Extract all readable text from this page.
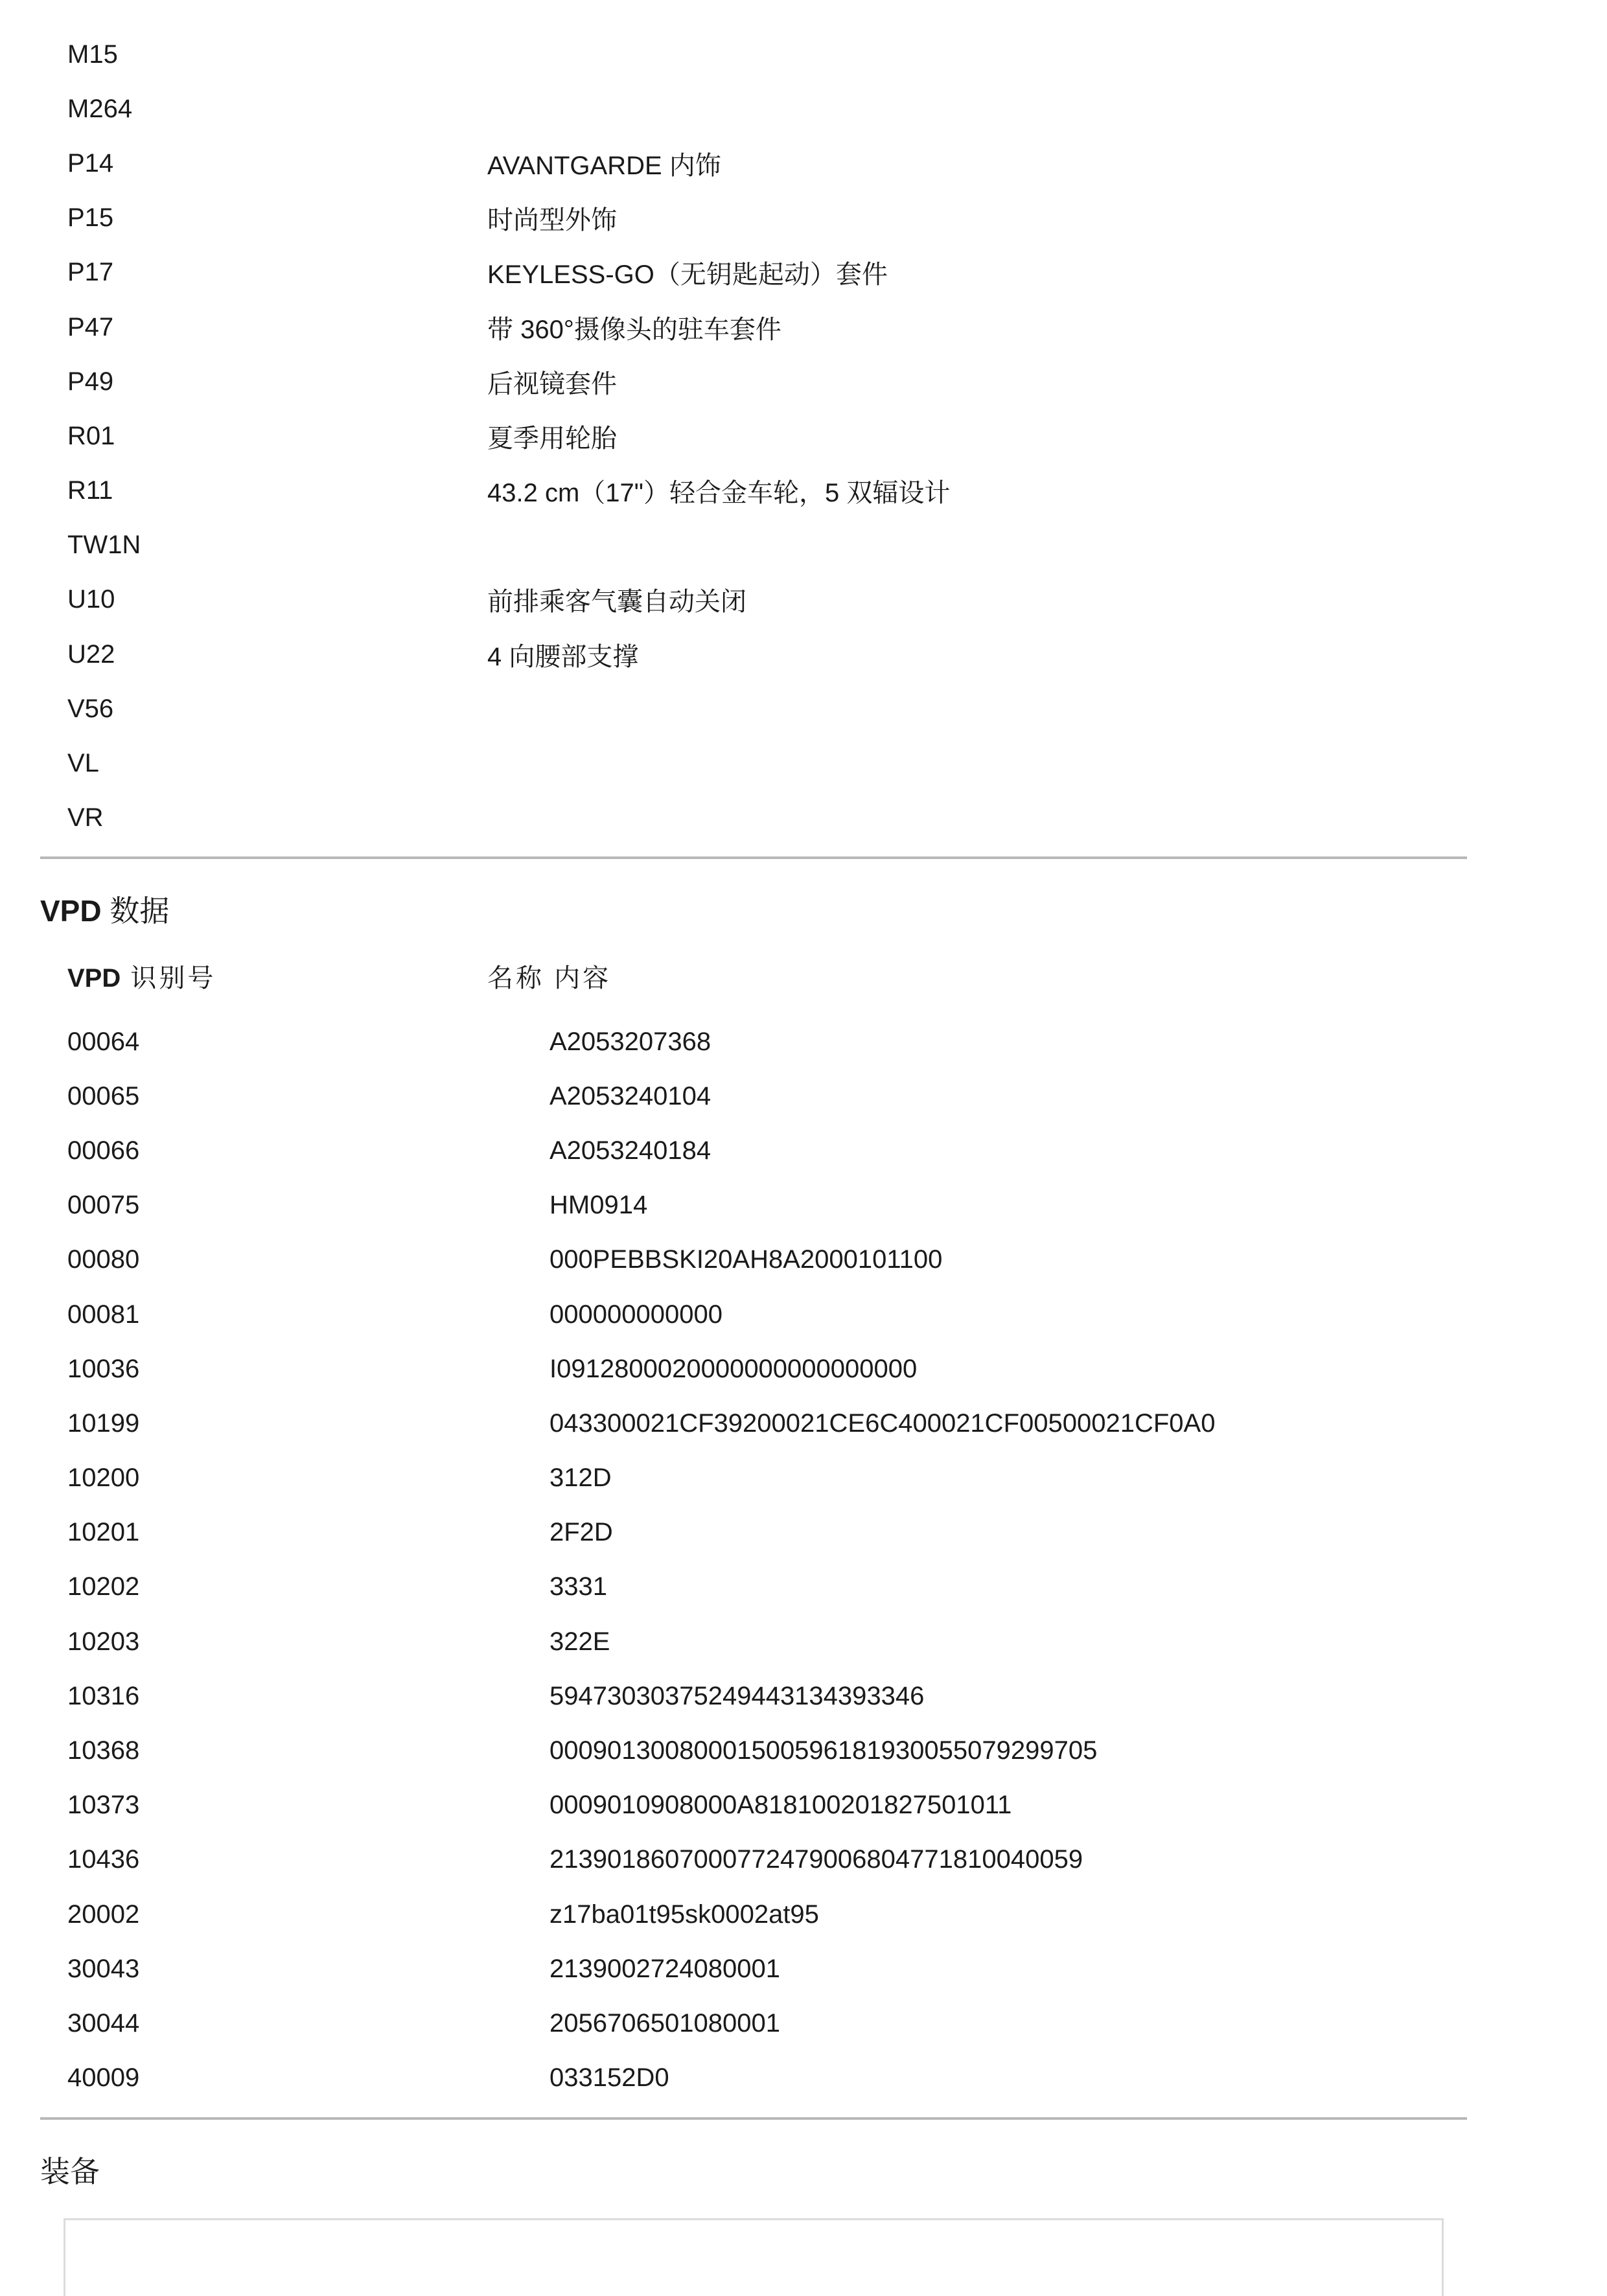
M15
M264
P14	AVANTGARDE 内饰
P15	时尚型外饰
P17	KEYLESS-GO（无钥匙起动）套件
P47	带 360°摄像头的驻车套件
P49	后视镜套件
R01	夏季用轮胎
R11	43.2 cm（17"）轻合金车轮，5 双辐设计
TW1N
U10	前排乘客气囊自动关闭
U22	4 向腰部支撑
V56
VL
VR
VPD 数据
VPD 识别号	名称 内容
00064	A2053207368
00065	A2053240104
00066	A2053240184
00075	HM0914
00080	000PEBBSKI20AH8A2000101100
00081	000000000000
10036	I0912800020000000000000000
10199	043300021CF39200021CE6C400021CF00500021CF0A0
10200	312D
10201	2F2D
10202	3331
10203	322E
10316	59473030375249443134393346
10368	0009013008000150059618193005507929970​5
10373	0009010908000A818100201827501011
10436	213901860700077247900680477181004005​9
20002	z17ba01t95sk0002at95
30043	2139002724080001
30044	2056706501080001
40009	033152D0
装备
